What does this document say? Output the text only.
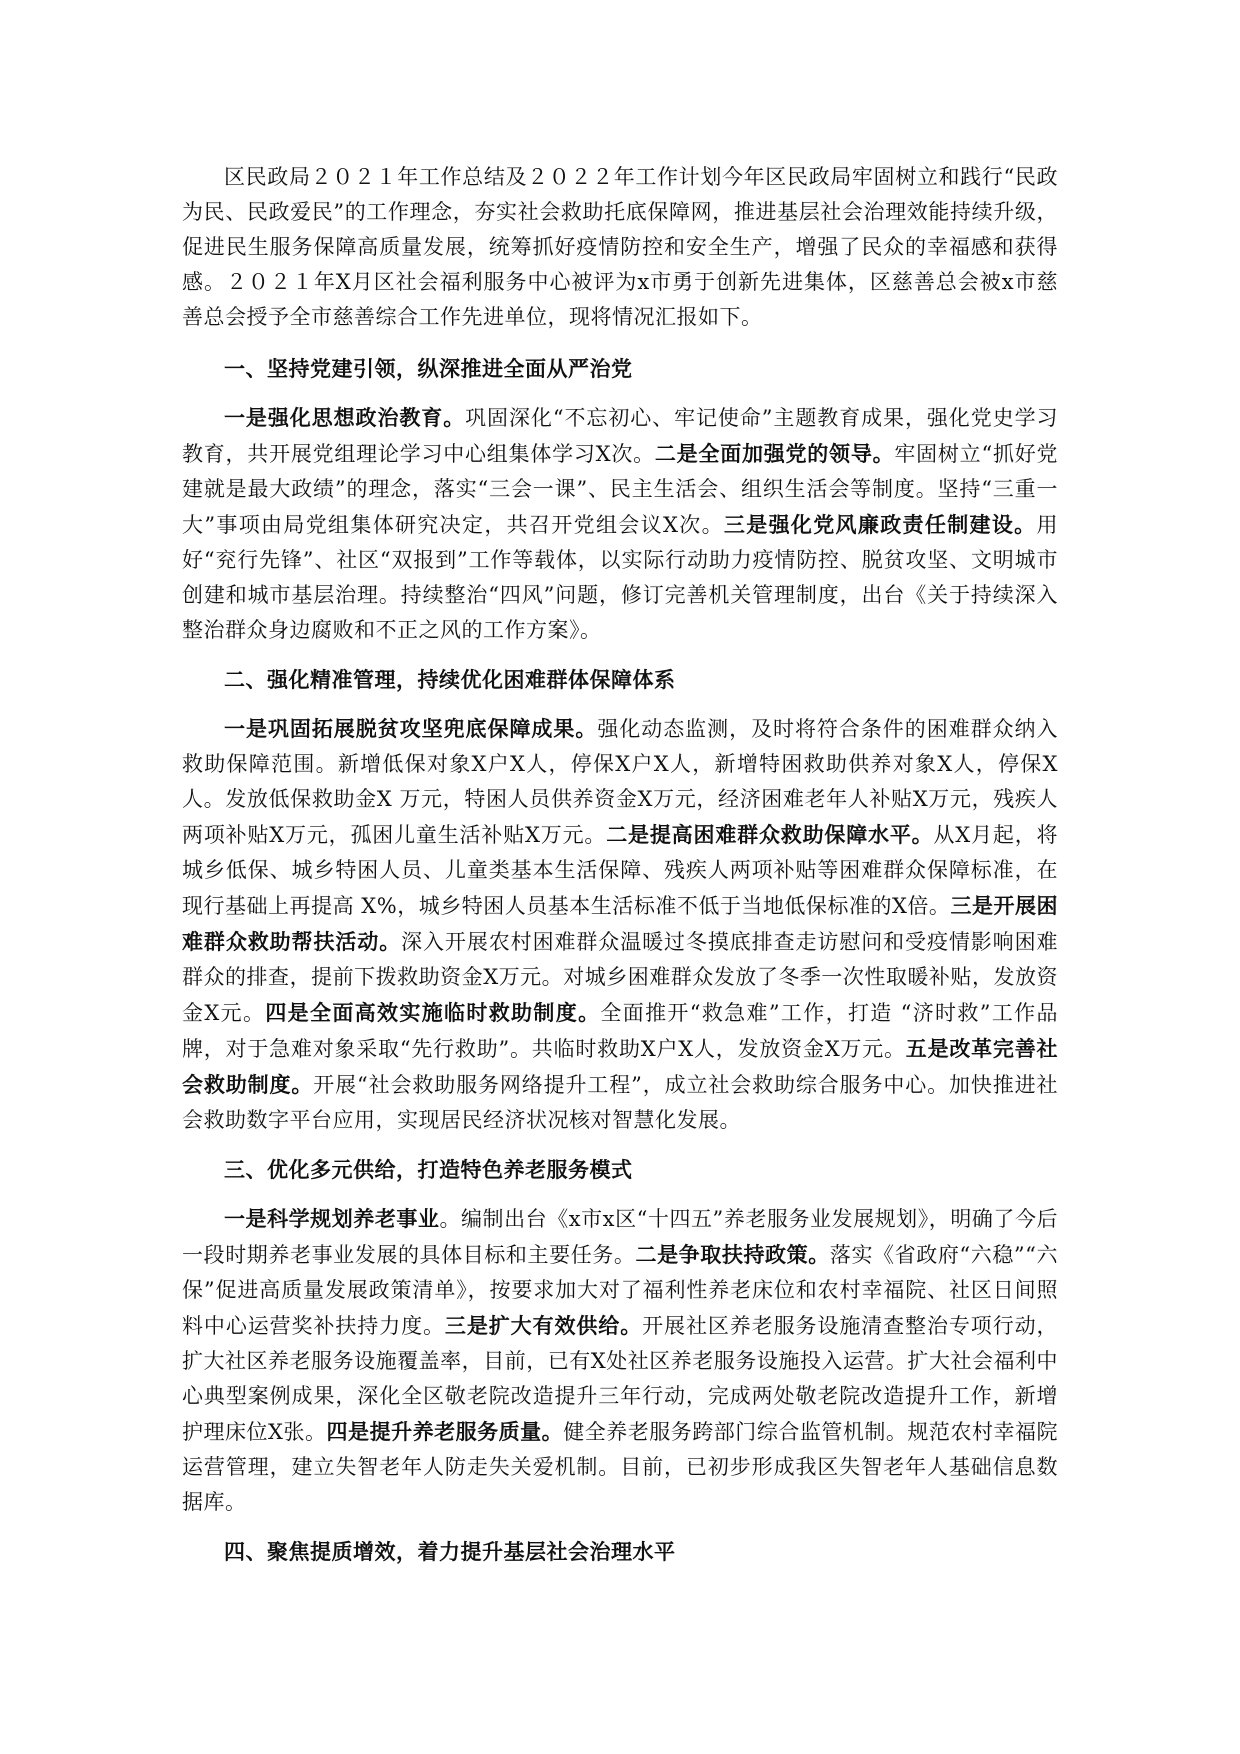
区民政局２０２１年工作总结及２０２２年工作计划今年区民政局牢固树立和践行“民政为民、民政爱民”的工作理念，夯实社会救助托底保障网，推进基层社会治理效能持续升级，促进民生服务保障高质量发展，统筹抓好疫情防控和安全生产，增强了民众的幸福感和获得感。２０２１年X月区社会福利服务中心被评为x市勇于创新先进集体，区慈善总会被x市慈善总会授予全市慈善综合工作先进单位，现将情况汇报如下。

一、坚持党建引领，纵深推进全面从严治党

一是强化思想政治教育。巩固深化“不忘初心、牢记使命”主题教育成果，强化党史学习教育，共开展党组理论学习中心组集体学习X次。二是全面加强党的领导。牢固树立“抓好党建就是最大政绩”的理念，落实“三会一课”、民主生活会、组织生活会等制度。坚持“三重一大”事项由局党组集体研究决定，共召开党组会议X次。三是强化党风廉政责任制建设。用好“兖行先锋”、社区“双报到”工作等载体，以实际行动助力疫情防控、脱贫攻坚、文明城市创建和城市基层治理。持续整治“四风”问题，修订完善机关管理制度，出台《关于持续深入整治群众身边腐败和不正之风的工作方案》。

二、强化精准管理，持续优化困难群体保障体系

一是巩固拓展脱贫攻坚兜底保障成果。强化动态监测，及时将符合条件的困难群众纳入救助保障范围。新增低保对象X户X人，停保X户X人，新增特困救助供养对象X人，停保X人。发放低保救助金X 万元，特困人员供养资金X万元，经济困难老年人补贴X万元，残疾人两项补贴X万元，孤困儿童生活补贴X万元。二是提高困难群众救助保障水平。从X月起，将城乡低保、城乡特困人员、儿童类基本生活保障、残疾人两项补贴等困难群众保障标准，在现行基础上再提高 X%，城乡特困人员基本生活标准不低于当地低保标准的X倍。三是开展困难群众救助帮扶活动。深入开展农村困难群众温暖过冬摸底排查走访慰问和受疫情影响困难群众的排查，提前下拨救助资金X万元。对城乡困难群众发放了冬季一次性取暖补贴，发放资金X元。四是全面高效实施临时救助制度。全面推开“救急难”工作，打造 “济时救”工作品牌，对于急难对象采取“先行救助”。共临时救助X户X人，发放资金X万元。五是改革完善社会救助制度。开展“社会救助服务网络提升工程”，成立社会救助综合服务中心。加快推进社会救助数字平台应用，实现居民经济状况核对智慧化发展。

三、优化多元供给，打造特色养老服务模式

一是科学规划养老事业。编制出台《x市x区“十四五”养老服务业发展规划》，明确了今后一段时期养老事业发展的具体目标和主要任务。二是争取扶持政策。落实《省政府“六稳”“六保”促进高质量发展政策清单》，按要求加大对了福利性养老床位和农村幸福院、社区日间照料中心运营奖补扶持力度。三是扩大有效供给。开展社区养老服务设施清查整治专项行动，扩大社区养老服务设施覆盖率，目前，已有X处社区养老服务设施投入运营。扩大社会福利中心典型案例成果，深化全区敬老院改造提升三年行动，完成两处敬老院改造提升工作，新增护理床位X张。四是提升养老服务质量。健全养老服务跨部门综合监管机制。规范农村幸福院运营管理，建立失智老年人防走失关爱机制。目前，已初步形成我区失智老年人基础信息数据库。

四、聚焦提质增效，着力提升基层社会治理水平
